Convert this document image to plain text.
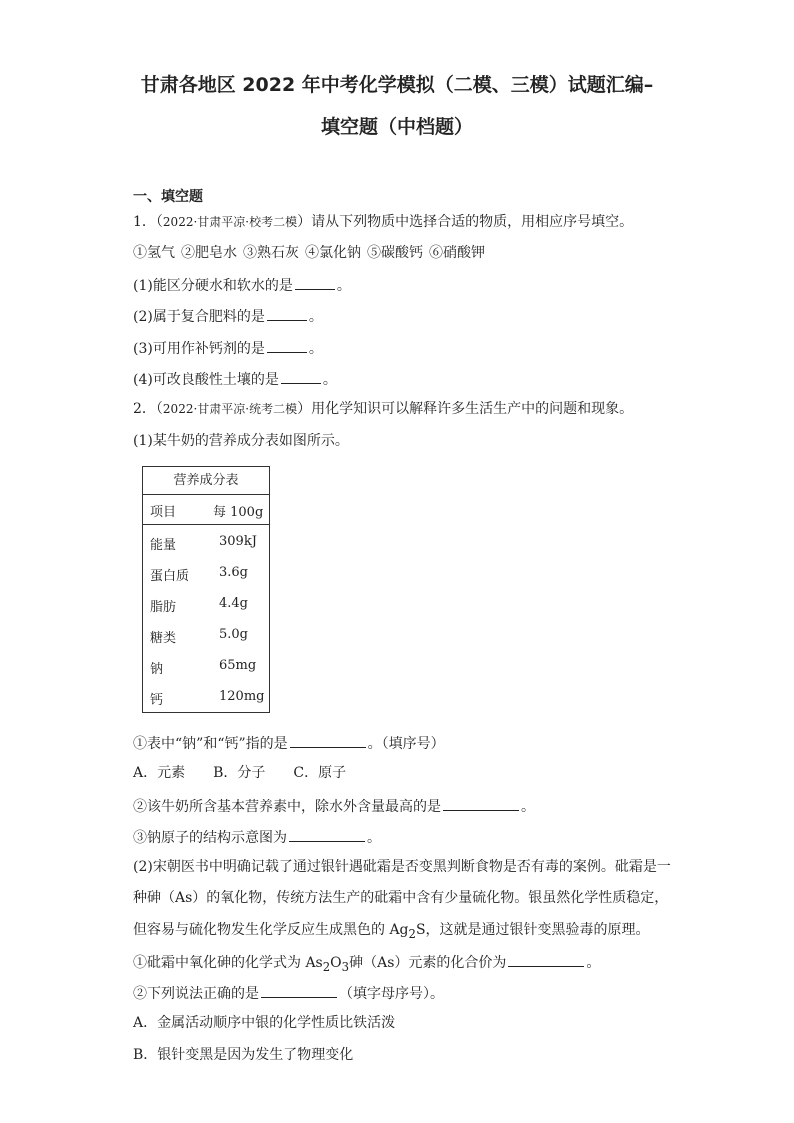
甘肃各地区 2022 年中考化学模拟（二模、三模）试题汇编–
填空题（中档题）
一、填空题
1．（2022·甘肃平凉·校考二模）请从下列物质中选择合适的物质，用相应序号填空。
①氢气 ②肥皂水 ③熟石灰 ④氯化钠 ⑤碳酸钙 ⑥硝酸钾
(1)能区分硬水和软水的是	。
(2)属于复合肥料的是	。
(3)可用作补钙剂的是	。
(4)可改良酸性土壤的是	。
2．（2022·甘肃平凉·统考二模）用化学知识可以解释许多生活生产中的问题和现象。
(1)某牛奶的营养成分表如图所示。
营养成分表
项目	每 100g
能量	309kJ
蛋白质 3.6g
脂肪	4.4g
糖类	5.0g
钠	65mg
钙	120mg
①表中“钠”和“钙”指的是	。（填序号）
A．元素 B．分子 C．原子
②该牛奶所含基本营养素中，除水外含量最高的是	。
③钠原子的结构示意图为	。
(2)宋朝医书中明确记载了通过银针遇砒霜是否变黑判断食物是否有毒的案例。砒霜是一
种砷（As）的氧化物，传统方法生产的砒霜中含有少量硫化物。银虽然化学性质稳定，
但容易与硫化物发生化学反应生成黑色的 $Ag_2S$，这就是通过银针变黑验毒的原理。
①砒霜中氧化砷的化学式为 $As_2O_3$砷（As）元素的化合价为	。
②下列说法正确的是	（填字母序号）。
A．金属活动顺序中银的化学性质比铁活泼
B．银针变黑是因为发生了物理变化
